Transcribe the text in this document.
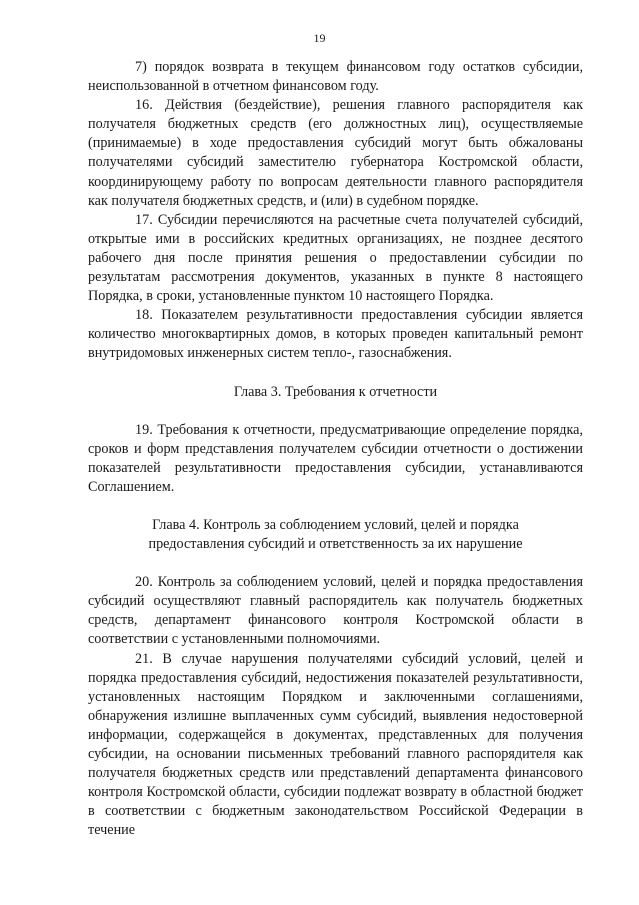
19

7) порядок возврата в текущем финансовом году остатков субсидии, неиспользованной в отчетном финансовом году.

16. Действия (бездействие), решения главного распорядителя как получателя бюджетных средств (его должностных лиц), осуществляемые (принимаемые) в ходе предоставления субсидий могут быть обжалованы получателями субсидий заместителю губернатора Костромской области, координирующему работу по вопросам деятельности главного распорядителя как получателя бюджетных средств, и (или) в судебном порядке.

17. Субсидии перечисляются на расчетные счета получателей субсидий, открытые ими в российских кредитных организациях, не позднее десятого рабочего дня после принятия решения о предоставлении субсидии по результатам рассмотрения документов, указанных в пункте 8 настоящего Порядка, в сроки, установленные пунктом 10 настоящего Порядка.

18. Показателем результативности предоставления субсидии является количество многоквартирных домов, в которых проведен капитальный ремонт внутридомовых инженерных систем тепло-, газоснабжения.

Глава 3. Требования к отчетности

19. Требования к отчетности, предусматривающие определение порядка, сроков и форм представления получателем субсидии отчетности о достижении показателей результативности предоставления субсидии, устанавливаются Соглашением.

Глава 4. Контроль за соблюдением условий, целей и порядка
предоставления субсидий и ответственность за их нарушение

20. Контроль за соблюдением условий, целей и порядка предоставления субсидий осуществляют главный распорядитель как получатель бюджетных средств, департамент финансового контроля Костромской области в соответствии с установленными полномочиями.

21. В случае нарушения получателями субсидий условий, целей и порядка предоставления субсидий, недостижения показателей результативности, установленных настоящим Порядком и заключенными соглашениями, обнаружения излишне выплаченных сумм субсидий, выявления недостоверной информации, содержащейся в документах, представленных для получения субсидии, на основании письменных требований главного распорядителя как получателя бюджетных средств или представлений департамента финансового контроля Костромской области, субсидии подлежат возврату в областной бюджет в соответствии с бюджетным законодательством Российской Федерации в течение
